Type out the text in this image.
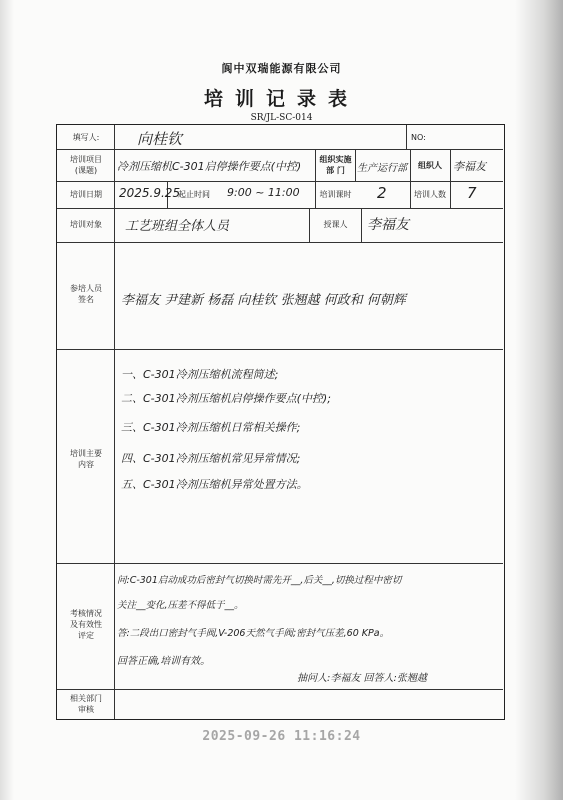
阆中双瑞能源有限公司
培训记录表
SR/JL-SC-014
填写人:	向桂钦	NO:
培训项目
(课题)	冷剂压缩机C-301启停操作要点(中控)
组织实施
部 门	生产运行部	组织人	李福友
培训日期	2025.9.25
起止时间	9:00 ~ 11:00	培训课时 2	培训人数 7
培训对象	工艺班组全体人员	授课人	李福友
参培人员
签名	李福友 尹建新 杨磊 向桂钦 张翘越 何政和 何朝辉
培训主要
内容
一、C-301冷剂压缩机流程简述;
二、C-301冷剂压缩机启停操作要点(中控);
三、C-301冷剂压缩机日常相关操作;
四、C-301冷剂压缩机常见异常情况;
五、C-301冷剂压缩机异常处置方法。
考核情况
及有效性
评定
问:C-301启动成功后密封气切换时需先开__,后关__,切换过程中密切
关注__变化,压差不得低于__。
答:二段出口密封气手阀,V-206天然气手阀;密封气压差,60 KPa。
回答正确,培训有效。
抽问人:李福友 回答人:张翘越
相关部门
审核
2025-09-26 11:16:24
